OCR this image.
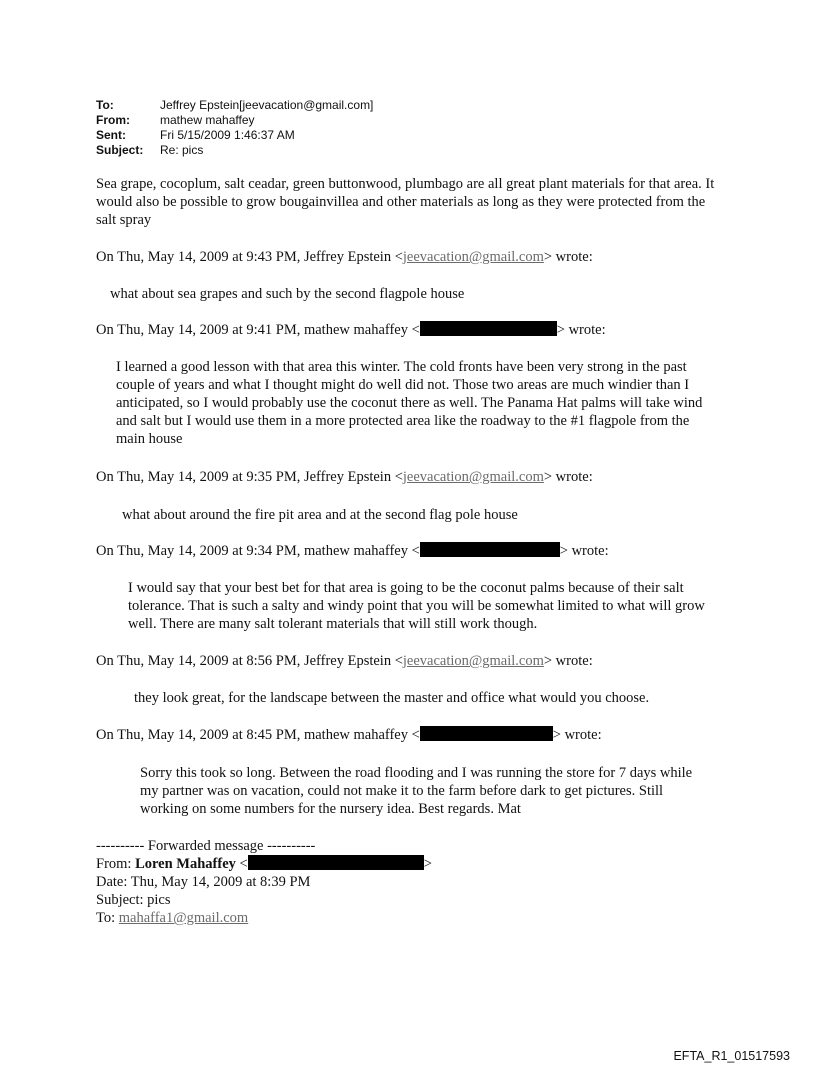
To:	Jeffrey Epstein[jeevacation@gmail.com]
From:	mathew mahaffey
Sent:	Fri 5/15/2009 1:46:37 AM
Subject:	Re: pics
Sea grape, cocoplum, salt ceadar, green buttonwood, plumbago are all great plant materials for that area. It would also be possible to grow bougainvillea and other materials as long as they were protected from the salt spray
On Thu, May 14, 2009 at 9:43 PM, Jeffrey Epstein <jeevacation@gmail.com> wrote:
what about sea grapes and such by the second flagpole house
On Thu, May 14, 2009 at 9:41 PM, mathew mahaffey <	> wrote:
I learned a good lesson with that area this winter. The cold fronts have been very strong in the past couple of years and what I thought might do well did not. Those two areas are much windier than I anticipated, so I would probably use the coconut there as well. The Panama Hat palms will take wind and salt but I would use them in a more protected area like the roadway to the #1 flagpole from the main house
On Thu, May 14, 2009 at 9:35 PM, Jeffrey Epstein <jeevacation@gmail.com> wrote:
what about around the fire pit area and at the second flag pole house
On Thu, May 14, 2009 at 9:34 PM, mathew mahaffey <	> wrote:
I would say that your best bet for that area is going to be the coconut palms because of their salt tolerance. That is such a salty and windy point that you will be somewhat limited to what will grow well. There are many salt tolerant materials that will still work though.
On Thu, May 14, 2009 at 8:56 PM, Jeffrey Epstein <jeevacation@gmail.com> wrote:
they look great, for the landscape between the master and office what would you choose.
On Thu, May 14, 2009 at 8:45 PM, mathew mahaffey <	> wrote:
Sorry this took so long. Between the road flooding and I was running the store for 7 days while my partner was on vacation, could not make it to the farm before dark to get pictures. Still working on some numbers for the nursery idea. Best regards. Mat
---------- Forwarded message ----------
From: Loren Mahaffey <	>
Date: Thu, May 14, 2009 at 8:39 PM
Subject: pics
To: mahaffa1@gmail.com
EFTA_R1_01517593
